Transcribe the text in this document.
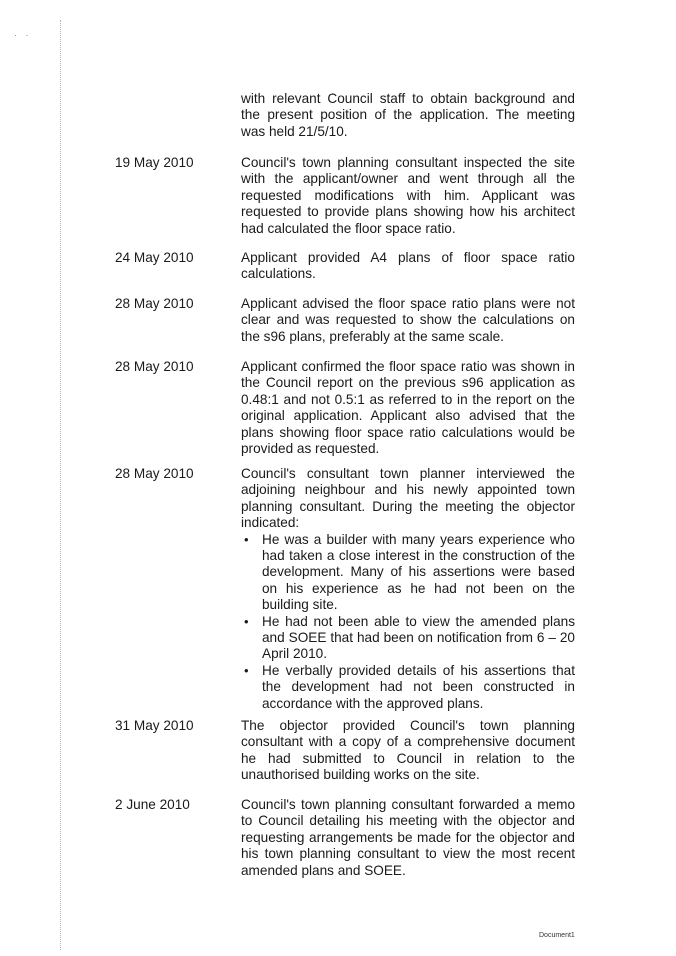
· ·

with relevant Council staff to obtain background and the present position of the application. The meeting was held 21/5/10.

19 May 2010	Council's town planning consultant inspected the site with the applicant/owner and went through all the requested modifications with him. Applicant was requested to provide plans showing how his architect had calculated the floor space ratio.

24 May 2010	Applicant provided A4 plans of floor space ratio calculations.

28 May 2010	Applicant advised the floor space ratio plans were not clear and was requested to show the calculations on the s96 plans, preferably at the same scale.

28 May 2010	Applicant confirmed the floor space ratio was shown in the Council report on the previous s96 application as 0.48:1 and not 0.5:1 as referred to in the report on the original application. Applicant also advised that the plans showing floor space ratio calculations would be provided as requested.

28 May 2010	Council's consultant town planner interviewed the adjoining neighbour and his newly appointed town planning consultant. During the meeting the objector indicated:

• He was a builder with many years experience who had taken a close interest in the construction of the development. Many of his assertions were based on his experience as he had not been on the building site.
• He had not been able to view the amended plans and SOEE that had been on notification from 6 – 20 April 2010.
• He verbally provided details of his assertions that the development had not been constructed in accordance with the approved plans.
31 May 2010	The objector provided Council's town planning consultant with a copy of a comprehensive document he had submitted to Council in relation to the unauthorised building works on the site.

2 June 2010	Council's town planning consultant forwarded a memo to Council detailing his meeting with the objector and requesting arrangements be made for the objector and his town planning consultant to view the most recent amended plans and SOEE.

Document1
